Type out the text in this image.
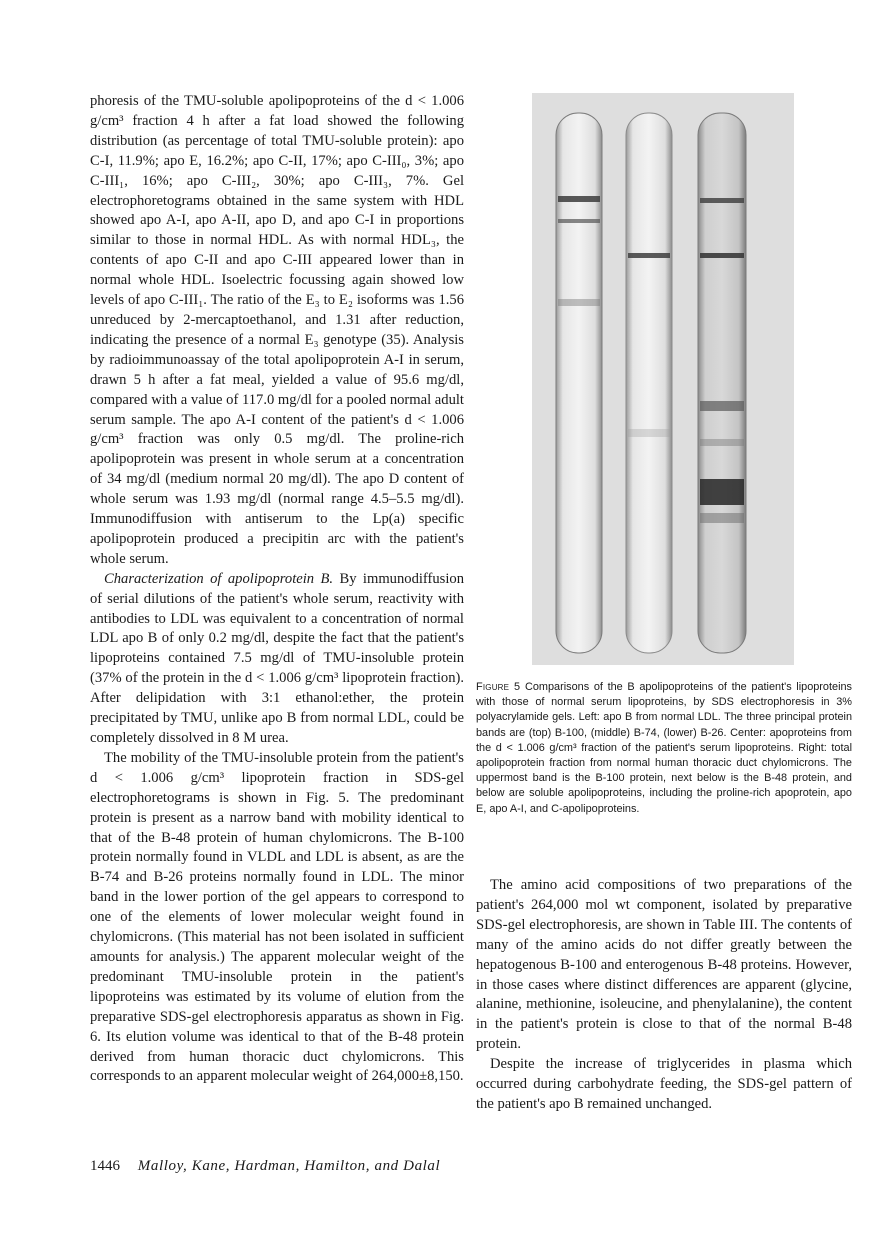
phoresis of the TMU-soluble apolipoproteins of the d < 1.006 g/cm³ fraction 4 h after a fat load showed the following distribution (as percentage of total TMU-soluble protein): apo C-I, 11.9%; apo E, 16.2%; apo C-II, 17%; apo C-III₀, 3%; apo C-III₁, 16%; apo C-III₂, 30%; apo C-III₃, 7%. Gel electrophoretograms obtained in the same system with HDL showed apo A-I, apo A-II, apo D, and apo C-I in proportions similar to those in normal HDL. As with normal HDL₃, the contents of apo C-II and apo C-III appeared lower than in normal whole HDL. Isoelectric focussing again showed low levels of apo C-III₁. The ratio of the E₃ to E₂ isoforms was 1.56 unreduced by 2-mercaptoethanol, and 1.31 after reduction, indicating the presence of a normal E₃ genotype (35). Analysis by radioimmunoassay of the total apolipoprotein A-I in serum, drawn 5 h after a fat meal, yielded a value of 95.6 mg/dl, compared with a value of 117.0 mg/dl for a pooled normal adult serum sample. The apo A-I content of the patient's d < 1.006 g/cm³ fraction was only 0.5 mg/dl. The proline-rich apolipoprotein was present in whole serum at a concentration of 34 mg/dl (medium normal 20 mg/dl). The apo D content of whole serum was 1.93 mg/dl (normal range 4.5–5.5 mg/dl). Immunodiffusion with antiserum to the Lp(a) specific apolipoprotein produced a precipitin arc with the patient's whole serum.

Characterization of apolipoprotein B. By immunodiffusion of serial dilutions of the patient's whole serum, reactivity with antibodies to LDL was equivalent to a concentration of normal LDL apo B of only 0.2 mg/dl, despite the fact that the patient's lipoproteins contained 7.5 mg/dl of TMU-insoluble protein (37% of the protein in the d < 1.006 g/cm³ lipoprotein fraction). After delipidation with 3:1 ethanol:ether, the protein precipitated by TMU, unlike apo B from normal LDL, could be completely dissolved in 8 M urea.

The mobility of the TMU-insoluble protein from the patient's d < 1.006 g/cm³ lipoprotein fraction in SDS-gel electrophoretograms is shown in Fig. 5. The predominant protein is present as a narrow band with mobility identical to that of the B-48 protein of human chylomicrons. The B-100 protein normally found in VLDL and LDL is absent, as are the B-74 and B-26 proteins normally found in LDL. The minor band in the lower portion of the gel appears to correspond to one of the elements of lower molecular weight found in chylomicrons. (This material has not been isolated in sufficient amounts for analysis.) The apparent molecular weight of the predominant TMU-insoluble protein in the patient's lipoproteins was estimated by its volume of elution from the preparative SDS-gel electrophoresis apparatus as shown in Fig. 6. Its elution volume was identical to that of the B-48 protein derived from human thoracic duct chylomicrons. This corresponds to an apparent molecular weight of 264,000±8,150.

Figure 5 Comparisons of the B apolipoproteins of the patient's lipoproteins with those of normal serum lipoproteins, by SDS electrophoresis in 3% polyacrylamide gels. Left: apo B from normal LDL. The three principal protein bands are (top) B-100, (middle) B-74, (lower) B-26. Center: apoproteins from the d < 1.006 g/cm³ fraction of the patient's serum lipoproteins. Right: total apolipoprotein fraction from normal human thoracic duct chylomicrons. The uppermost band is the B-100 protein, next below is the B-48 protein, and below are soluble apolipoproteins, including the proline-rich apoprotein, apo E, apo A-I, and C-apolipoproteins.

The amino acid compositions of two preparations of the patient's 264,000 mol wt component, isolated by preparative SDS-gel electrophoresis, are shown in Table III. The contents of many of the amino acids do not differ greatly between the hepatogenous B-100 and enterogenous B-48 proteins. However, in those cases where distinct differences are apparent (glycine, alanine, methionine, isoleucine, and phenylalanine), the content in the patient's protein is close to that of the normal B-48 protein.

Despite the increase of triglycerides in plasma which occurred during carbohydrate feeding, the SDS-gel pattern of the patient's apo B remained unchanged.

1446 Malloy, Kane, Hardman, Hamilton, and Dalal
